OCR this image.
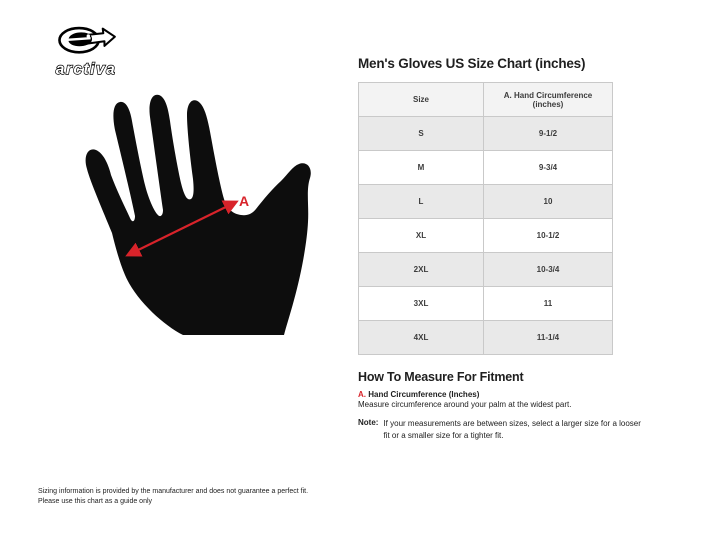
arctiva
A
Men's Gloves US Size Chart (inches)
Size	A. Hand Circumference (inches)
S	9-1/2
M	9-3/4
L	10
XL	10-1/2
2XL	10-3/4
3XL	11
4XL	11-1/4
How To Measure For Fitment
A. Hand Circumference (Inches)
Measure circumference around your palm at the widest part.
Note: If your measurements are between sizes, select a larger size for a looser fit or a smaller size for a tighter fit.
Sizing information is provided by the manufacturer and does not guarantee a perfect fit.
Please use this chart as a guide only
